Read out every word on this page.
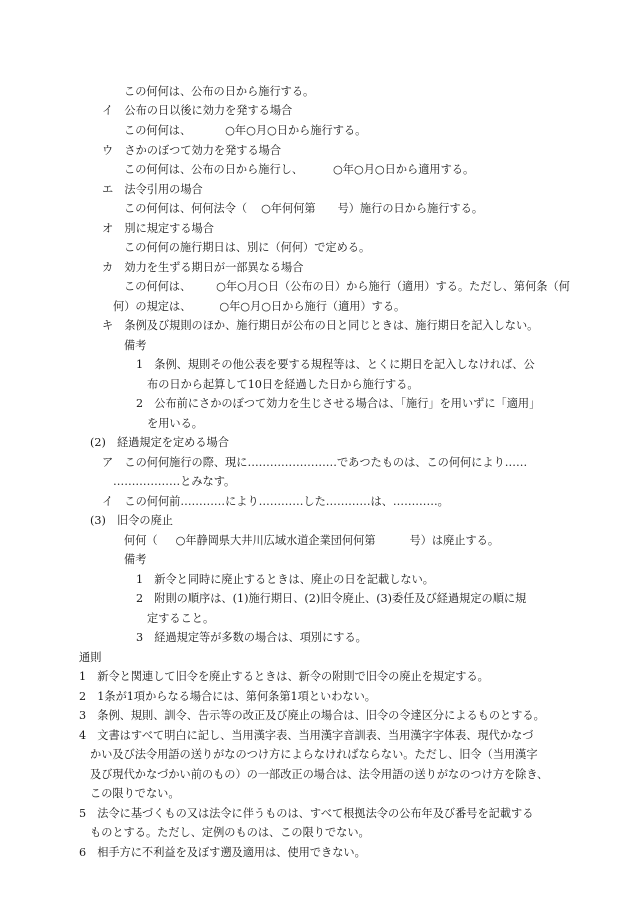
この何何は、公布の日から施行する。
イ　公布の日以後に効力を発する場合
この何何は、	○年○月○日から施行する。
ウ　さかのぼつて効力を発する場合
この何何は、公布の日から施行し、	○年○月○日から適用する。
エ　法令引用の場合
この何何は、何何法令（ ○年何何第 号）施行の日から施行する。
オ　別に規定する場合
この何何の施行期日は、別に（何何）で定める。
カ　効力を生ずる期日が一部異なる場合
この何何は、 ○年○月○日（公布の日）から施行（適用）する。ただし、第何条（何
何）の規定は、	○年○月○日から施行（適用）する。
キ　条例及び規則のほか、施行期日が公布の日と同じときは、施行期日を記入しない。
備考
1　条例、規則その他公表を要する規程等は、とくに期日を記入しなければ、公
布の日から起算して10日を経過した日から施行する。
2　公布前にさかのぼつて効力を生じさせる場合は、「施行」を用いずに「適用」
を用いる。
(2)　経過規定を定める場合
ア　この何何施行の際、現に……………………であつたものは、この何何により……
………………とみなす。
イ　この何何前…………により…………した…………は、…………。
(3)　旧令の廃止
何何（ ○年静岡県大井川広域水道企業団何何第	号）は廃止する。
備考
1　新令と同時に廃止するときは、廃止の日を記載しない。
2　附則の順序は、(1)施行期日、(2)旧令廃止、(3)委任及び経過規定の順に規
定すること。
3　経過規定等が多数の場合は、項別にする。
通則
1　新令と関連して旧令を廃止するときは、新令の附則で旧令の廃止を規定する。
2　1条が1項からなる場合には、第何条第1項といわない。
3　条例、規則、訓令、告示等の改正及び廃止の場合は、旧令の令達区分によるものとする。
4　文書はすべて明白に記し、当用漢字表、当用漢字音訓表、当用漢字字体表、現代かなづ
かい及び法令用語の送りがなのつけ方によらなければならない。ただし、旧令（当用漢字
及び現代かなづかい前のもの）の一部改正の場合は、法令用語の送りがなのつけ方を除き、
この限りでない。
5　法令に基づくもの又は法令に伴うものは、すべて根拠法令の公布年及び番号を記載する
ものとする。ただし、定例のものは、この限りでない。
6　相手方に不利益を及ぼす遡及適用は、使用できない。
